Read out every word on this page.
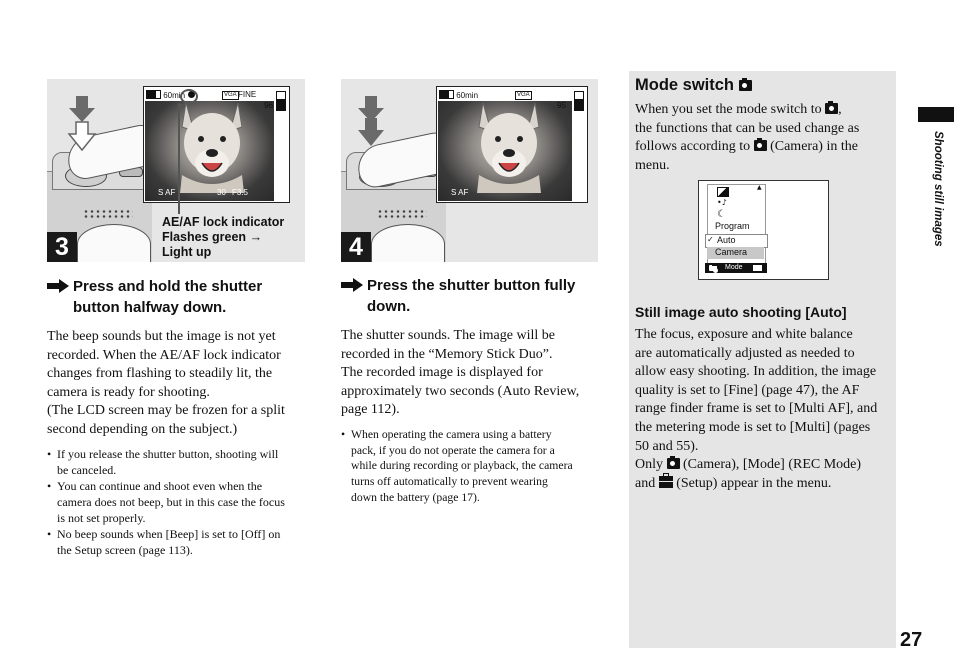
Shooting still images
60min	VGA FINE
96
S AF	30 F3.5
3
AE/AF lock indicator
Flashes green →
Light up
Press and hold the shutter
button halfway down.
The beep sounds but the image is not yet
recorded. When the AE/AF lock indicator
changes from flashing to steadily lit, the
camera is ready for shooting.
(The LCD screen may be frozen for a split
second depending on the subject.)
• If you release the shutter button, shooting will
be canceled.
• You can continue and shoot even when the
camera does not beep, but in this case the focus
is not set properly.
• No beep sounds when [Beep] is set to [Off] on
the Setup screen (page 113).
60min	VGA
95
S AF
4
Press the shutter button fully
down.
The shutter sounds. The image will be
recorded in the “Memory Stick Duo”.
The recorded image is displayed for
approximately two seconds (Auto Review,
page 112).
• When operating the camera using a battery
pack, if you do not operate the camera for a
while during recording or playback, the camera
turns off automatically to prevent wearing
down the battery (page 17).
Mode switch
When you set the mode switch to ,
the functions that can be used change as
follows according to (Camera) in the
menu.
▲
•♪
☾
Program
✓ Auto
Camera
Mode
Still image auto shooting [Auto]
The focus, exposure and white balance
are automatically adjusted as needed to
allow easy shooting. In addition, the image
quality is set to [Fine] (page 47), the AF
range finder frame is set to [Multi AF], and
the metering mode is set to [Multi] (pages
50 and 55).
Only (Camera), [Mode] (REC Mode)
and (Setup) appear in the menu.
27
